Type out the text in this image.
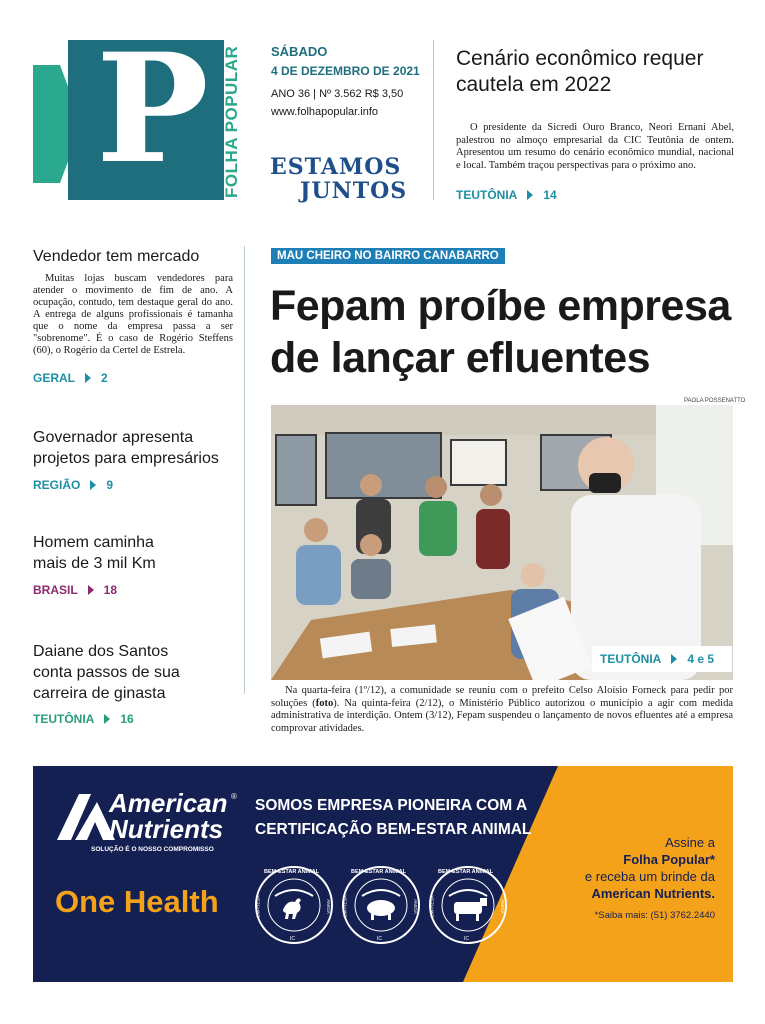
P FOLHA POPULAR SÁBADO
4 DE DEZEMBRO DE 2021
ANO 36 | Nº 3.562 R$ 3,50
www.folhapopular.info
ESTAMOS
JUNTOS
Cenário econômico requer cautela em 2022
O presidente da Sicredi Ouro Branco, Neori Ernani Abel, palestrou no almoço empresarial da CIC Teutônia de ontem. Apresentou um resumo do cenário econômico mundial, nacional e local. Também traçou perspectivas para o próximo ano.
TEUTÔNIA 14
Vendedor tem mercado
Muitas lojas buscam vendedores para atender o movimento de fim de ano. A ocupação, contudo, tem destaque geral do ano. A entrega de alguns profissionais é tamanha que o nome da empresa passa a ser "sobrenome". É o caso de Rogério Steffens (60), o Rogério da Certel de Estrela.
GERAL 2
Governador apresenta projetos para empresários
REGIÃO 9
Homem caminha mais de 3 mil Km
BRASIL 18
Daiane dos Santos conta passos de sua carreira de ginasta
TEUTÔNIA 16
MAU CHEIRO NO BAIRRO CANABARRO
Fepam proíbe empresa de lançar efluentes
PAOLA POSSENATTO
TEUTÔNIA 4 e 5
Na quarta-feira (1º/12), a comunidade se reuniu com o prefeito Celso Aloísio Forneck para pedir por soluções (foto). Na quinta-feira (2/12), o Ministério Público autorizou o município a agir com medida administrativa de interdição. Ontem (3/12), Fepam suspendeu o lançamento de novos efluentes até a empresa comprovar atividades.
American ®
Nutrients
SOLUÇÃO É O NOSSO COMPROMISSO
One Health
SOMOS EMPRESA PIONEIRA COM A
CERTIFICAÇÃO BEM-ESTAR ANIMAL
BEM-ESTAR ANIMAL	BEM-ESTAR ANIMAL	BEM-ESTAR ANIMAL
IC	IC	IC
EMPRESA	AMIGA	EMPRESA	AMIGA	EMPRESA	AMIGA
Assine a
Folha Popular*
e receba um brinde da
American Nutrients.
*Saiba mais: (51) 3762.2440
